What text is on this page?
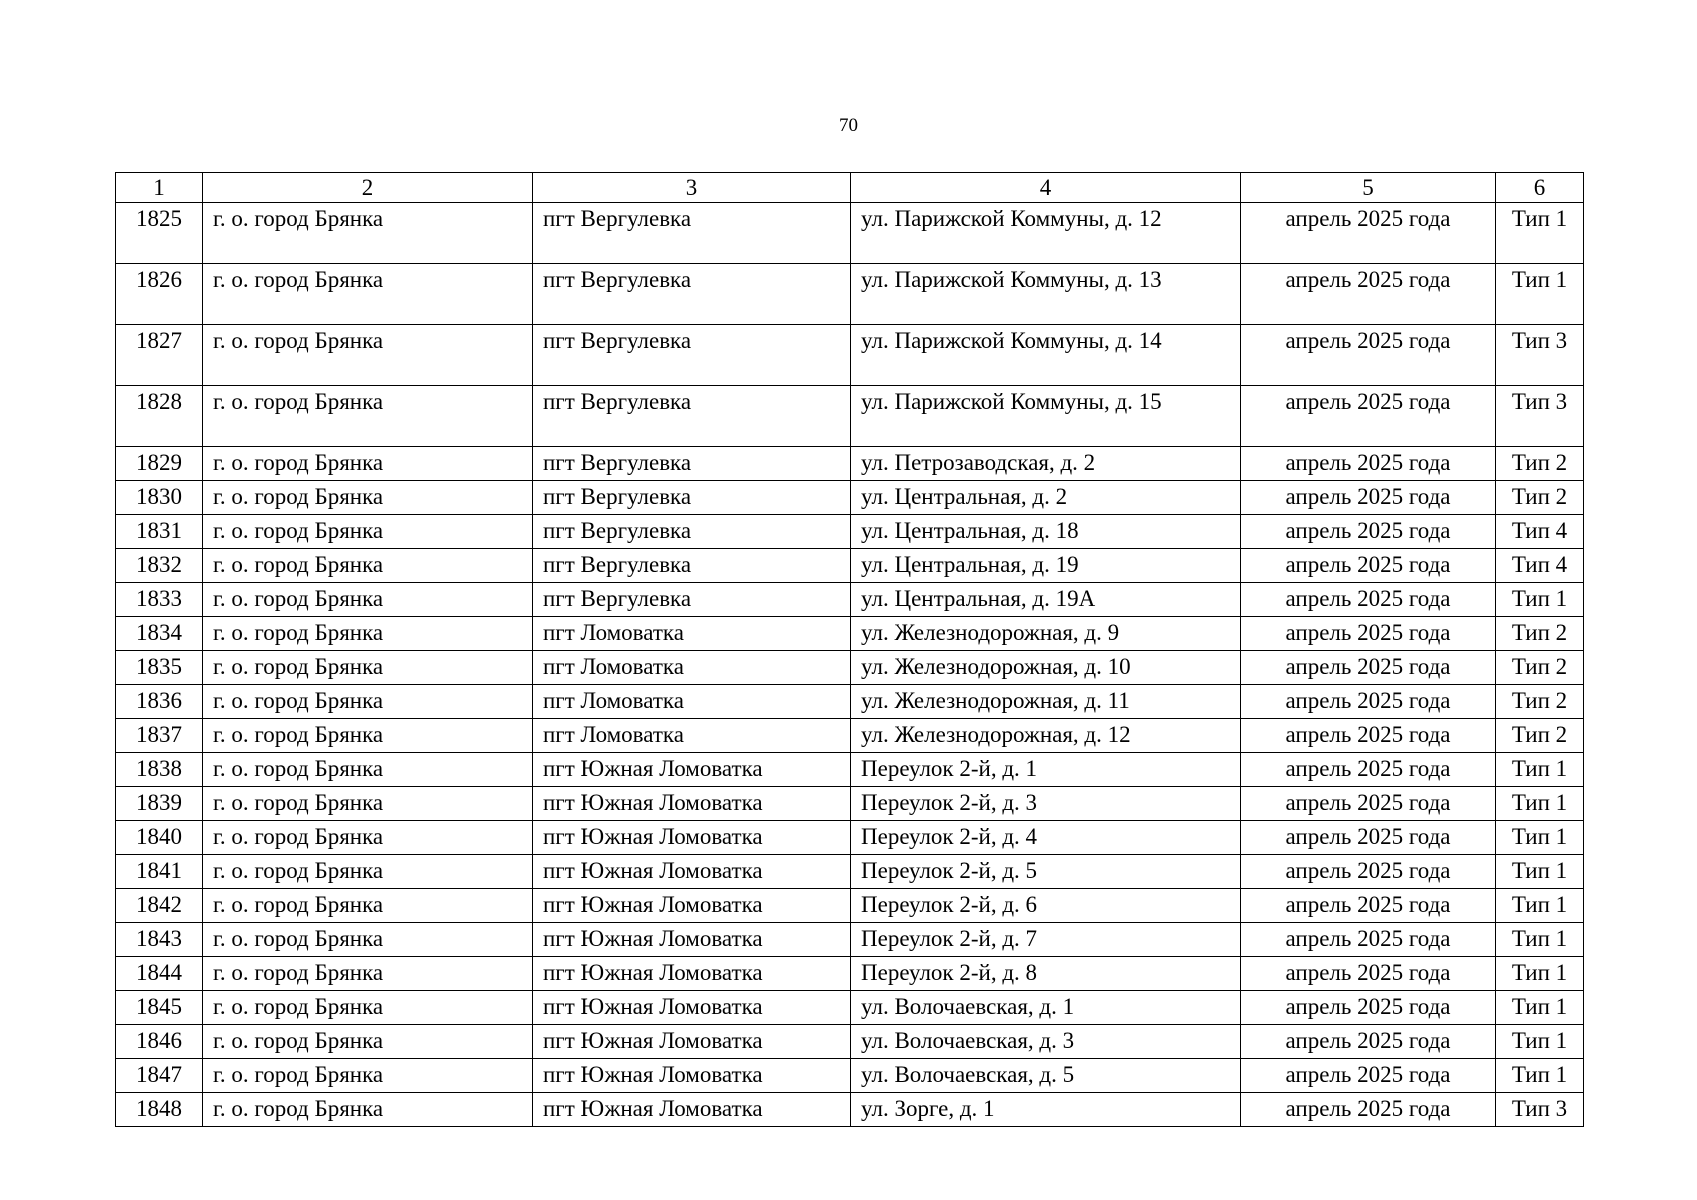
70
1	2	3	4	5	6
1825	г. о. город Брянка	пгт Вергулевка	ул. Парижской Коммуны, д. 12	апрель 2025 года	Тип 1
1826	г. о. город Брянка	пгт Вергулевка	ул. Парижской Коммуны, д. 13	апрель 2025 года	Тип 1
1827	г. о. город Брянка	пгт Вергулевка	ул. Парижской Коммуны, д. 14	апрель 2025 года	Тип 3
1828	г. о. город Брянка	пгт Вергулевка	ул. Парижской Коммуны, д. 15	апрель 2025 года	Тип 3
1829	г. о. город Брянка	пгт Вергулевка	ул. Петрозаводская, д. 2	апрель 2025 года	Тип 2
1830	г. о. город Брянка	пгт Вергулевка	ул. Центральная, д. 2	апрель 2025 года	Тип 2
1831	г. о. город Брянка	пгт Вергулевка	ул. Центральная, д. 18	апрель 2025 года	Тип 4
1832	г. о. город Брянка	пгт Вергулевка	ул. Центральная, д. 19	апрель 2025 года	Тип 4
1833	г. о. город Брянка	пгт Вергулевка	ул. Центральная, д. 19А	апрель 2025 года	Тип 1
1834	г. о. город Брянка	пгт Ломоватка	ул. Железнодорожная, д. 9	апрель 2025 года	Тип 2
1835	г. о. город Брянка	пгт Ломоватка	ул. Железнодорожная, д. 10	апрель 2025 года	Тип 2
1836	г. о. город Брянка	пгт Ломоватка	ул. Железнодорожная, д. 11	апрель 2025 года	Тип 2
1837	г. о. город Брянка	пгт Ломоватка	ул. Железнодорожная, д. 12	апрель 2025 года	Тип 2
1838	г. о. город Брянка	пгт Южная Ломоватка	Переулок 2-й, д. 1	апрель 2025 года	Тип 1
1839	г. о. город Брянка	пгт Южная Ломоватка	Переулок 2-й, д. 3	апрель 2025 года	Тип 1
1840	г. о. город Брянка	пгт Южная Ломоватка	Переулок 2-й, д. 4	апрель 2025 года	Тип 1
1841	г. о. город Брянка	пгт Южная Ломоватка	Переулок 2-й, д. 5	апрель 2025 года	Тип 1
1842	г. о. город Брянка	пгт Южная Ломоватка	Переулок 2-й, д. 6	апрель 2025 года	Тип 1
1843	г. о. город Брянка	пгт Южная Ломоватка	Переулок 2-й, д. 7	апрель 2025 года	Тип 1
1844	г. о. город Брянка	пгт Южная Ломоватка	Переулок 2-й, д. 8	апрель 2025 года	Тип 1
1845	г. о. город Брянка	пгт Южная Ломоватка	ул. Волочаевская, д. 1	апрель 2025 года	Тип 1
1846	г. о. город Брянка	пгт Южная Ломоватка	ул. Волочаевская, д. 3	апрель 2025 года	Тип 1
1847	г. о. город Брянка	пгт Южная Ломоватка	ул. Волочаевская, д. 5	апрель 2025 года	Тип 1
1848	г. о. город Брянка	пгт Южная Ломоватка	ул. Зорге, д. 1	апрель 2025 года	Тип 3
